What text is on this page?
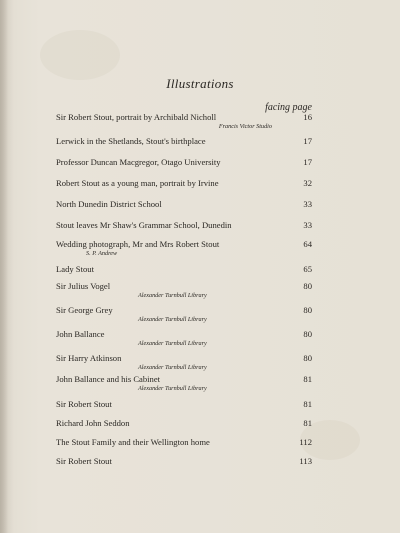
Illustrations
facing page
Sir Robert Stout, portrait by Archibald Nicholl	16
Francis Victor Studio
Lerwick in the Shetlands, Stout's birthplace	17
Professor Duncan Macgregor, Otago University	17
Robert Stout as a young man, portrait by Irvine	32
North Dunedin District School	33
Stout leaves Mr Shaw's Grammar School, Dunedin	33
Wedding photograph, Mr and Mrs Robert Stout	64
S. P. Andrew
Lady Stout	65
Sir Julius Vogel	80
Alexander Turnbull Library
Sir George Grey	80
Alexander Turnbull Library
John Ballance	80
Alexander Turnbull Library
Sir Harry Atkinson	80
Alexander Turnbull Library
John Ballance and his Cabinet	81
Alexander Turnbull Library
Sir Robert Stout	81
Richard John Seddon	81
The Stout Family and their Wellington home	112
Sir Robert Stout	113
